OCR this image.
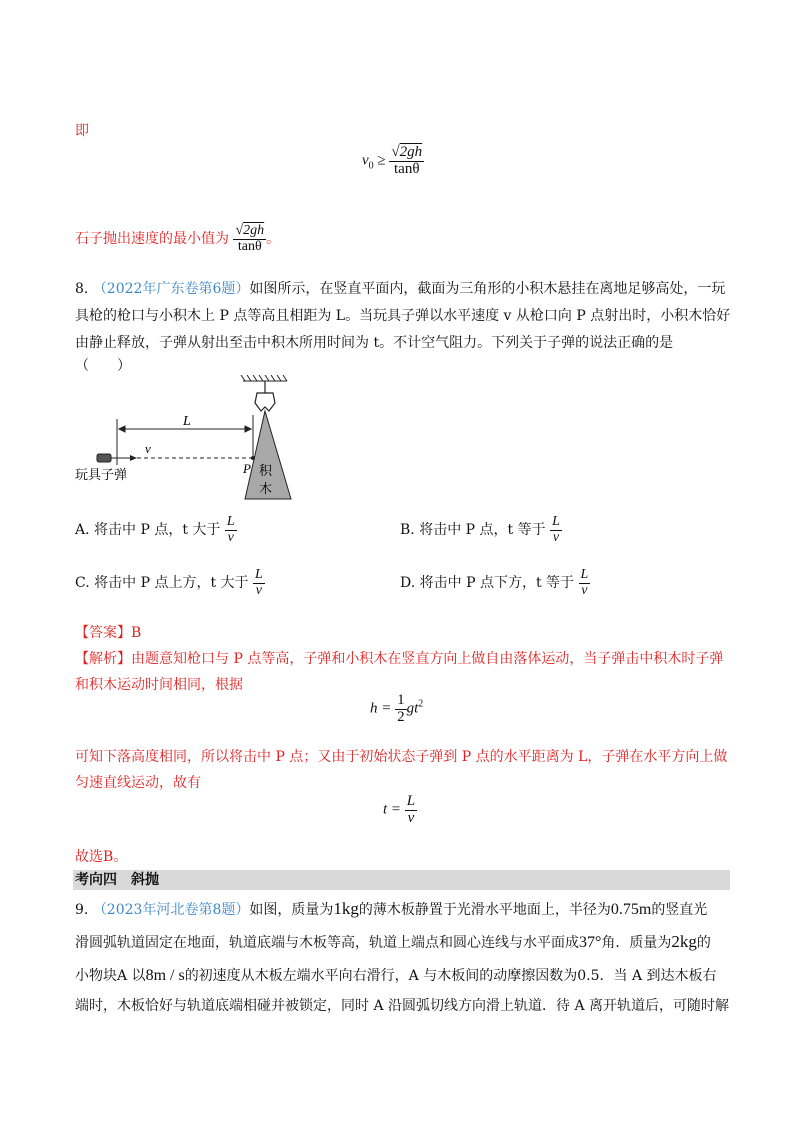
即
$v_0 \ge \frac{√2gh}{\tan\theta}$
石子抛出速度的最小值为 $\frac{√2gh}{\tan\theta}$ 。
8. （2022年广东卷第6题）如图所示，在竖直平面内，截面为三角形的小积木悬挂在离地足够高处，一玩
具枪的枪口与小积木上 P 点等高且相距为 L。当玩具子弹以水平速度 v 从枪口向 P 点射出时，小积木恰好
由静止释放，子弹从射出至击中积木所用时间为 t。不计空气阻力。下列关于子弹的说法正确的是
（　　）
L
v
P 积
木
玩具子弹
A. 将击中 P 点，t 大于 $\frac{L}{v}$	B. 将击中 P 点，t 等于 $\frac{L}{v}$
C. 将击中 P 点上方，t 大于 $\frac{L}{v}$	D. 将击中 P 点下方，t 等于 $\frac{L}{v}$
【答案】B
【解析】由题意知枪口与 P 点等高，子弹和小积木在竖直方向上做自由落体运动，当子弹击中积木时子弹
和积木运动时间相同，根据
$h = \frac{1}{2} gt^2$
可知下落高度相同，所以将击中 P 点；又由于初始状态子弹到 P 点的水平距离为 L，子弹在水平方向上做
匀速直线运动，故有
$t = \frac{L}{v}$
故选B。
考向四　斜抛
9. （2023年河北卷第8题）如图，质量为1kg的薄木板静置于光滑水平地面上，半径为0.75m的竖直光
滑圆弧轨道固定在地面，轨道底端与木板等高，轨道上端点和圆心连线与水平面成37°角．质量为2kg的
小物块A 以8m / s的初速度从木板左端水平向右滑行，A 与木板间的动摩擦因数为0.5．当 A 到达木板右
端时，木板恰好与轨道底端相碰并被锁定，同时 A 沿圆弧切线方向滑上轨道．待 A 离开轨道后，可随时解
